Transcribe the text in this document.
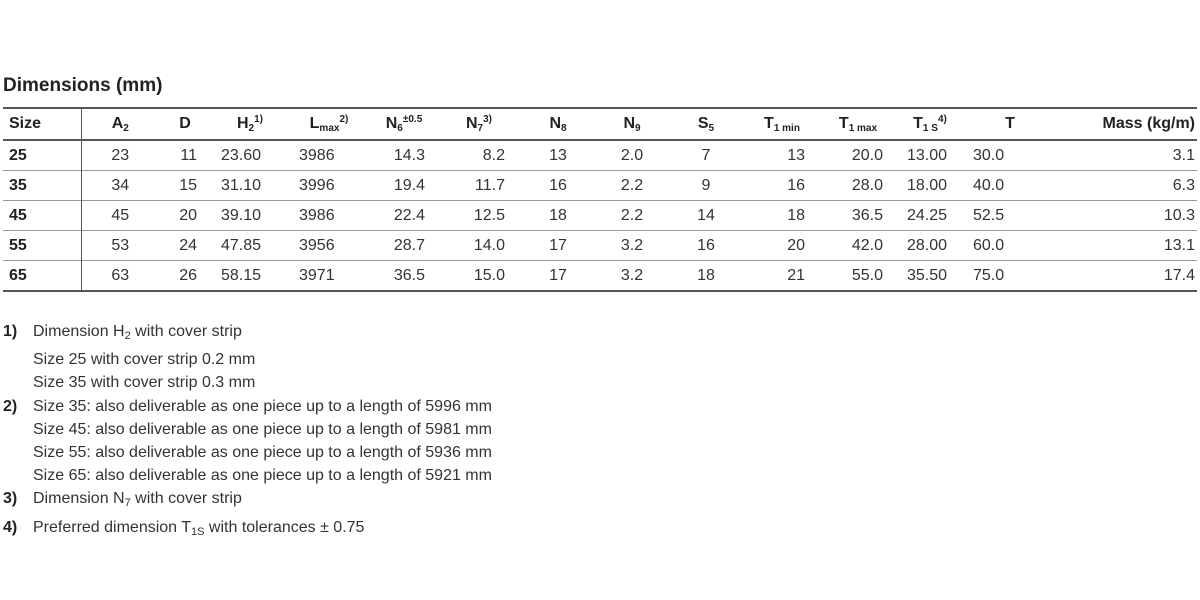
Dimensions (mm)
Size	$A_2$	D	$H_2^{1)}$	$L_{max}^{2)}$	$N_6^{\pm 0.5}$	$N_7^{3)}$	$N_8$	$N_9$	$S_5$	$T_{1 min}$	$T_{1 max}$	$T_{1 S}^{4)}$	T	Mass (kg/m)
25	23	11	23.60	3986	14.3	8.2	13	2.0	7	13	20.0	13.00	30.0	3.1
35	34	15	31.10	3996	19.4	11.7	16	2.2	9	16	28.0	18.00	40.0	6.3
45	45	20	39.10	3986	22.4	12.5	18	2.2	14	18	36.5	24.25	52.5	10.3
55	53	24	47.85	3956	28.7	14.0	17	3.2	16	20	42.0	28.00	60.0	13.1
65	63	26	58.15	3971	36.5	15.0	17	3.2	18	21	55.0	35.50	75.0	17.4
1) Dimension H2 with cover strip
Size 25 with cover strip 0.2 mm
Size 35 with cover strip 0.3 mm
2) Size 35: also deliverable as one piece up to a length of 5996 mm
Size 45: also deliverable as one piece up to a length of 5981 mm
Size 55: also deliverable as one piece up to a length of 5936 mm
Size 65: also deliverable as one piece up to a length of 5921 mm
3) Dimension N7 with cover strip
4) Preferred dimension T1S with tolerances ± 0.75
